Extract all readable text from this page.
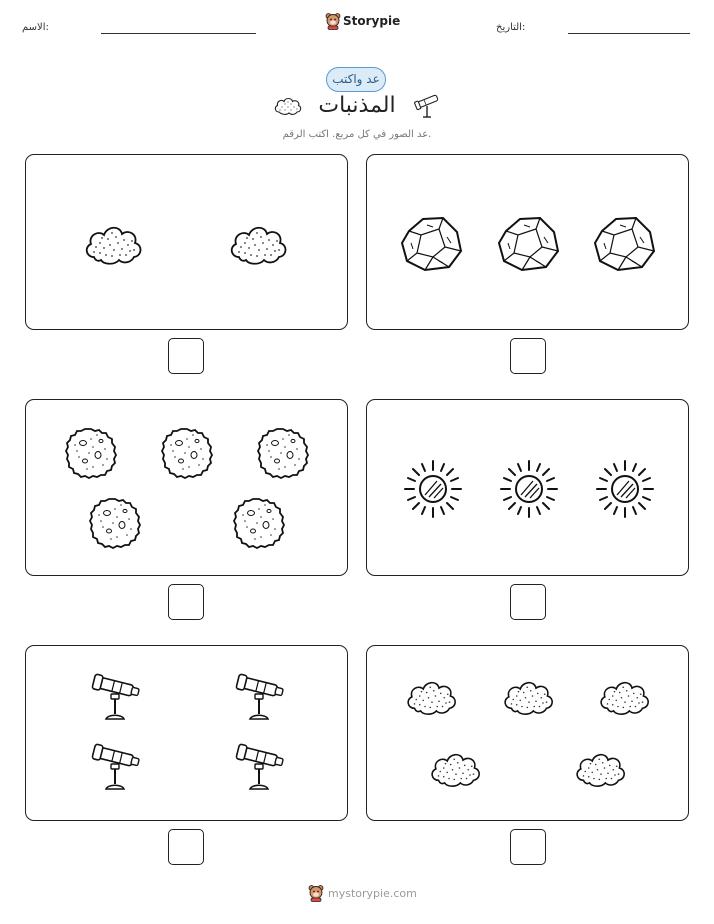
الاسم:	Storypie	التاريخ:
عد واكتب
المذنبات
عد الصور في كل مربع. اكتب الرقم.
mystorypie.com
